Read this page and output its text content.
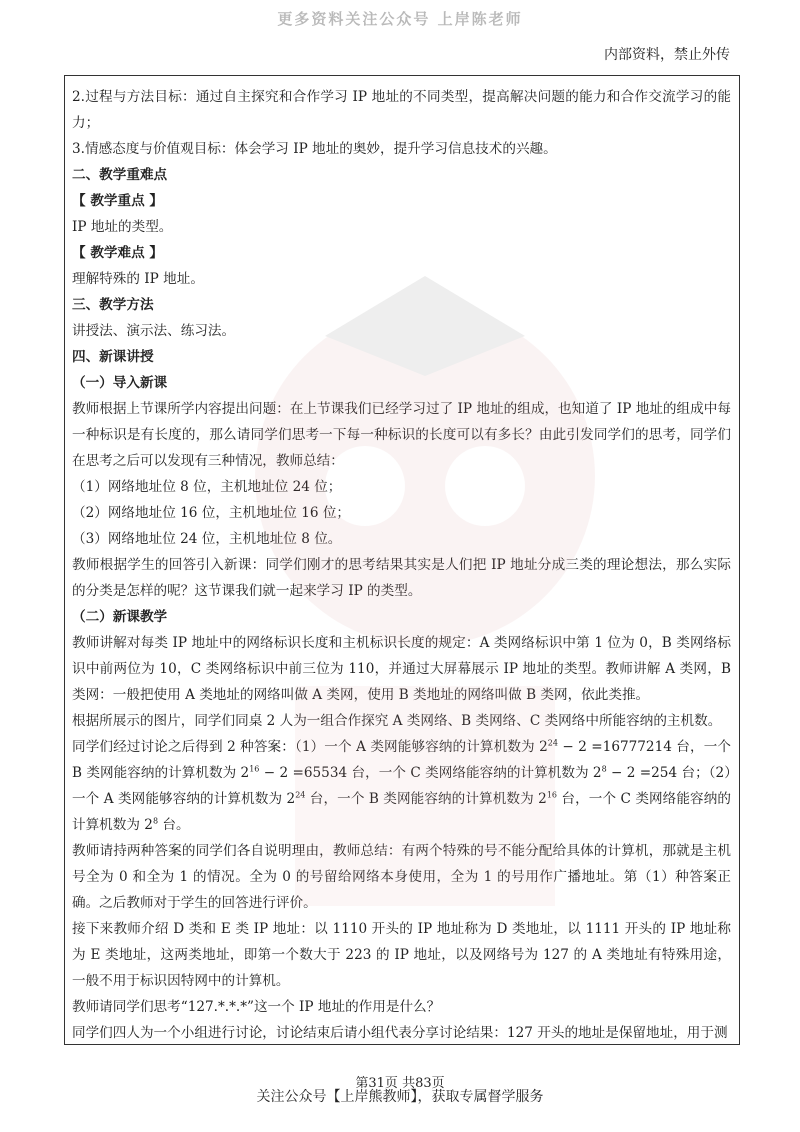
更多资料关注公众号 上岸陈老师
内部资料，禁止外传

2.过程与方法目标：通过自主探究和合作学习 IP 地址的不同类型，提高解决问题的能力和合作交流学习的能力；

3.情感态度与价值观目标：体会学习 IP 地址的奥妙，提升学习信息技术的兴趣。

二、教学重难点

【 教学重点 】

IP 地址的类型。

【 教学难点 】

理解特殊的 IP 地址。

三、教学方法

讲授法、演示法、练习法。

四、新课讲授

（一）导入新课

教师根据上节课所学内容提出问题：在上节课我们已经学习过了 IP 地址的组成，也知道了 IP 地址的组成中每一种标识是有长度的，那么请同学们思考一下每一种标识的长度可以有多长？由此引发同学们的思考，同学们在思考之后可以发现有三种情况，教师总结：

（1）网络地址位 8 位，主机地址位 24 位；

（2）网络地址位 16 位，主机地址位 16 位；

（3）网络地址位 24 位，主机地址位 8 位。

教师根据学生的回答引入新课：同学们刚才的思考结果其实是人们把 IP 地址分成三类的理论想法，那么实际的分类是怎样的呢？这节课我们就一起来学习 IP 的类型。

（二）新课教学

教师讲解对每类 IP 地址中的网络标识长度和主机标识长度的规定：A 类网络标识中第 1 位为 0，B 类网络标识中前两位为 10，C 类网络标识中前三位为 110，并通过大屏幕展示 IP 地址的类型。教师讲解 A 类网，B 类网：一般把使用 A 类地址的网络叫做 A 类网，使用 B 类地址的网络叫做 B 类网，依此类推。

根据所展示的图片，同学们同桌 2 人为一组合作探究 A 类网络、B 类网络、C 类网络中所能容纳的主机数。

同学们经过讨论之后得到 2 种答案：（1）一个 A 类网能够容纳的计算机数为 $2^{24} - 2 =16777214$ 台，一个 B 类网能容纳的计算机数为 $2^{16} - 2 =65534$ 台，一个 C 类网络能容纳的计算机数为 $2^8 - 2 =254$ 台；（2）一个 A 类网能够容纳的计算机数为 $2^{24}$ 台，一个 B 类网能容纳的计算机数为 $2^{16}$ 台，一个 C 类网络能容纳的计算机数为 $2^8$ 台。

教师请持两种答案的同学们各自说明理由，教师总结：有两个特殊的号不能分配给具体的计算机，那就是主机号全为 0 和全为 1 的情况。全为 0 的号留给网络本身使用，全为 1 的号用作广播地址。第（1）种答案正确。之后教师对于学生的回答进行评价。

接下来教师介绍 D 类和 E 类 IP 地址：以 1110 开头的 IP 地址称为 D 类地址，以 1111 开头的 IP 地址称为 E 类地址，这两类地址，即第一个数大于 223 的 IP 地址，以及网络号为 127 的 A 类地址有特殊用途，一般不用于标识因特网中的计算机。

教师请同学们思考“127.*.*.*”这一个 IP 地址的作用是什么？

同学们四人为一个小组进行讨论，讨论结束后请小组代表分享讨论结果：127 开头的地址是保留地址，用于测

第31页 共83页
关注公众号【上岸熊教师】，获取专属督学服务
